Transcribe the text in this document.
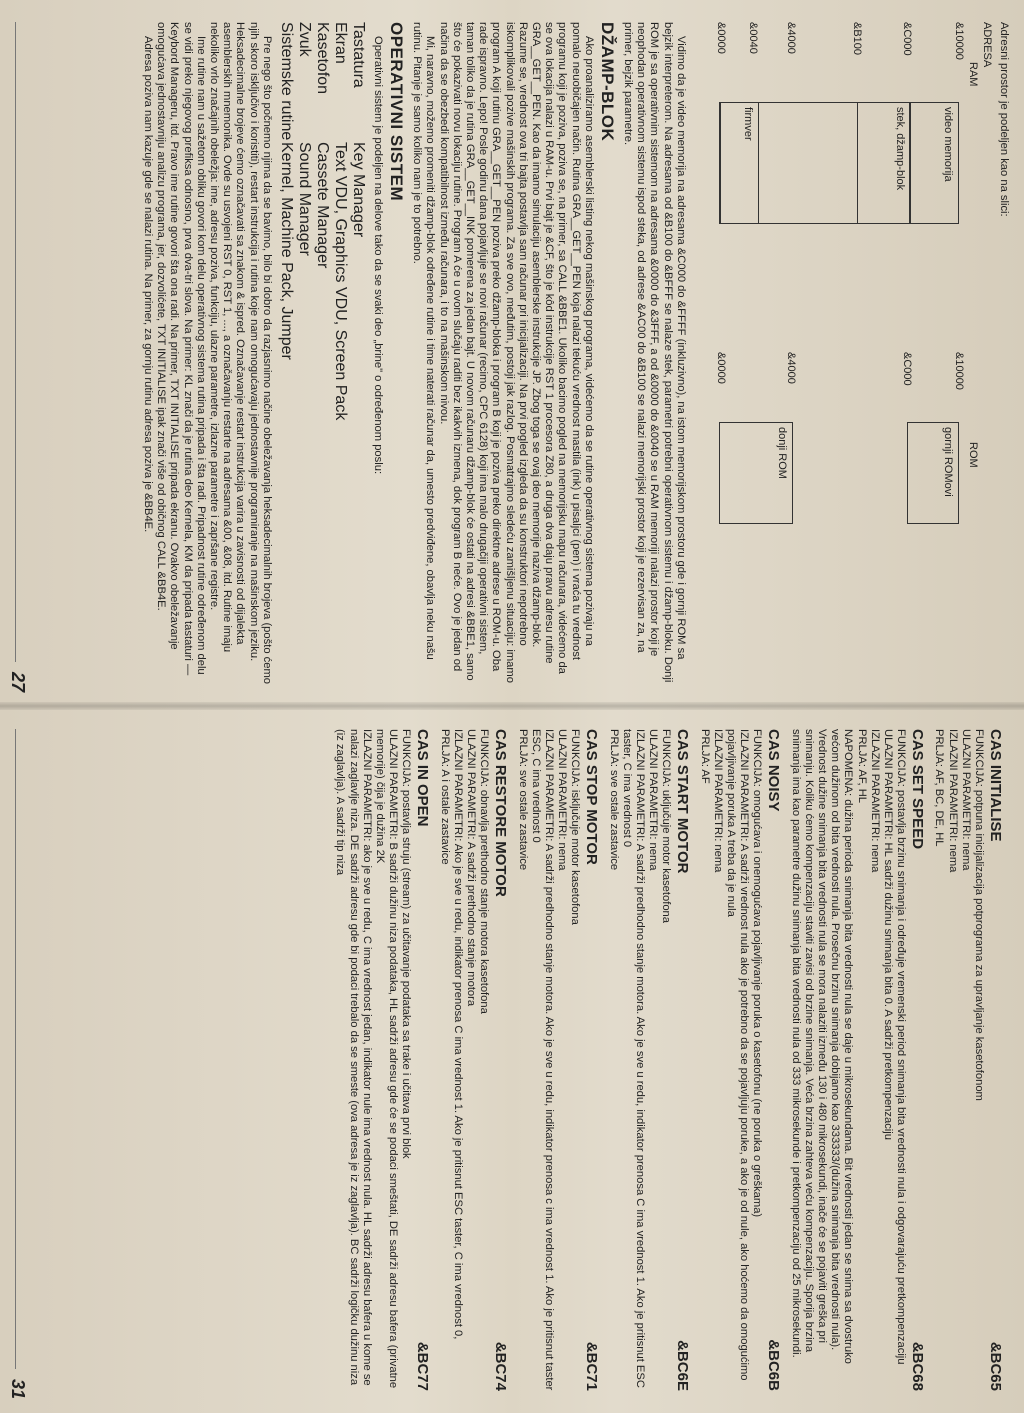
Adresni prostor je podeljen kao na slici:

ADRESA
RAM
ROM
&10000
&C000
&B100
&4000
&0040
&0000
video memorija
stek, džamp-blok
firmver
&10000
&C000
&4000
&0000
gornji ROMovi
donji ROM

Vidimo da je video memorija na adresama &C000 do &FFFF (inkluzivno), na istom memorijskom prostoru gde i gornji ROM sa bejzik interpreterom. Na adresama od &B100 do &BFFF se nalaze stek, parametri potrebni operativnom sistemu i džamp-bloku. Donji ROM je sa operativnim sistemom na adresama &0000 do &3FFF, a od &0000 do &0040 se u RAM memoriji nalazi prostor koji je neophodan operativnom sistemu ispod steka, od adrese &AC00 do &B100 se nalazi memorijski prostor koji je rezervisan za, na primer, bejzik parametre.

DŽAMP-BLOK

Ako proanaliziramo asemblerski listing nekog mašinskog programa, videćemo da se rutine operativnog sistema pozivaju na pomalo neuobičajen način. Rutina GRA__GET__PEN koja nalazi tekuću vrednost mastila (ink) u pisaljci (pen) i vraća tu vrednost programu koji je poziva, poziva se, na primer, sa CALL &BBE1. Ukoliko bacimo pogled na memorijsku mapu računara, videćemo da se ova lokacija nalazi u RAM-u. Prvi bajt je &CF, što je kôd instrukcije RST 1 procesora Z80, a druga dva daju pravu adresu rutine GRA__GET__PEN. Kao da imamo simulaciju asemblerske instrukcije JP. Zbog toga se ovaj deo memorije naziva džamp-blok. Razume se, vrednost ova tri bajta postavlja sam računar pri inicijalizaciji. Na prvi pogled izgleda da su konstruktori nepotrebno iskomplikovali pozive mašinskih programa. Za sve ovo, međutim, postoji jak razlog. Posmatrajmo sledeću zamišljenu situaciju: imamo program A koji rutinu GRA__GET__PEN poziva preko džamp-bloka i program B koji je poziva preko direktne adrese u ROM-u. Oba rade ispravno. Lepo! Posle godinu dana pojavljuje se novi računar (recimo, CPC 6128) koji ima malo drugačiji operativni sistem, taman toliko da je rutina GRA__GET__INK pomerena za jedan bajt. U novom računaru džamp-blok će ostati na adresi &BBE1, samo što će pokazivati novu lokaciju rutine. Program A će u ovom slučaju raditi bez ikakvih izmena, dok program B neće. Ovo je jedan od načina da se obezbedi kompatibilnost između računara, i to na mašinskom nivou.

Mi, naravno, možemo promeniti džamp-blok određene rutine i time naterati računar da, umesto predviđene, obavlja neku našu rutinu. Pitanje je samo koliko nam je to potrebno.

OPERATIVNI SISTEM

Operativni sistem je podeljen na delove tako da se svaki deo „brine" o određenom poslu:

Tastatura
Key Manager
Ekran
Text VDU, Graphics VDU, Screen Pack
Kasetofon
Cassete Manager
Zvuk
Sound Manager
Sistemske rutine
Kernel, Machine Pack, Jumper

Pre nego što počnemo njima da se bavimo, bilo bi dobro da razjasnimo načine obeležavanja heksadecimalnih brojeva (pošto ćemo njih skoro isključivo i koristiti), restart instrukcija i rutina koje nam omogućavaju jednostavnije programiranje na mašinskom jeziku. Heksadecimalne brojeve ćemo označavati sa znakom & ispred. Označavanje restart instrukcija varira u zavisnosti od dijalekta asemblerskih mnemonika. Ovde su usvojeni RST 0, RST 1, ..., a označavanju restarte na adresama &00, &08, itd. Rutine imaju nekoliko vrlo značajnih obeležja: ime, adresu poziva, funkciju, ulazne parametre, izlazne parametre i zapršane registre.

Ime rutine nam u sažetom obliku govori kom delu operativnog sistema rutina pripada i šta radi. Pripadnost rutine određenom delu se vidi preko njegovog prefiksa odnosno, prva dva-tri slova. Na primer: KL znači da je rutina deo Kernela, KM da pripada tastaturi — Keybord Manageru, itd. Pravo ime rutine govori šta ona radi. Na primer, TXT INITIALISE pripada ekranu. Ovakvo obeležavanje omogućava jednostavniju analizu programa, jer, dozvolićete, TXT INITIALISE ipak znači više od običnog CALL &BB4E.

Adresa poziva nam kazuje gde se nalazi rutina. Na primer, za gornju rutinu adresa poziva je &BB4E.

27
CAS INITIALISE
&BC65

FUNKCIJA: potpuna inicijalizacija potprograma za upravljanje kasetofonom

ULAZNI PARAMETRI: nema

IZLAZNI PARAMETRI: nema

PRLJA: AF, BC, DE, HL

CAS SET SPEED
&BC68

FUNKCIJA: postavlja brzinu snimanja i određuje vremenski period snimanja bita vrednosti nula i odgovarajuću pretkompenzaciju

ULAZNI PARAMETRI: HL sadrži dužinu snimanja bita 0. A sadrži pretkompenzaciju

IZLAZNI PARAMETRI: nema

PRLJA: AF, HL

NAPOMENA: dužina perioda snimanja bita vrednosti nula se daje u mikrosekundama. Bit vrednosti jedan se snima sa dvostruko većom dužinom od bita vrednosti nula. Prosečnu brzinu snimanja dobijamo kao 333333/(dužina snimanja bita vrednosti nula). Vrednost dužine snimanja bita vrednosti nula se mora nalaziti između 130 i 480 mikrosekundi, inače će se pojaviti greška pri snimanju. Koliku ćemo kompenzaciju staviti zavisi od brzine snimanja. Veća brzina zahteva veću kompenzaciju. Sporija brzina snimanja ima kao parametre dužinu snimanja bita vrednosti nula od 333 mikrosekunde i pretkompenzaciju od 25 mikrosekundi.

CAS NOISY
&BC6B

FUNKCIJA: omogućava i onemogućava pojavljivanje poruka o kasetofonu (ne poruka o greškama)

IZLAZNI PARAMETRI: A sadrži vrednost nula ako je potrebno da se pojavljuju poruke, a ako je od nule, ako hoćemo da omogućimo pojavljivanje poruka A treba da je nula

IZLAZNI PARAMETRI: nema

PRLJA: AF

CAS START MOTOR
&BC6E

FUNKCIJA: uključuje motor kasetofona

ULAZNI PARAMETRI: nema

IZLAZNI PARAMETRI: A sadrži predhodno stanje motora. Ako je sve u redu, indikator prenosa C ima vrednost 1. Ako je pritisnut ESC taster, C ima vrednost 0

PRLJA: sve ostale zastavice

CAS STOP MOTOR
&BC71

FUNKCIJA: isključuje motor kasetofona

ULAZNI PARAMETRI: nema

IZLAZNI PARAMETRI: A sadrži predhodno stanje motora. Ako je sve u redu, indikator prenosa c ima vrednost 1. Ako je pritisnut taster ESC, C ima vrednost 0

PRLJA: sve ostale zastavice

CAS RESTORE MOTOR
&BC74

FUNKCIJA: obnavlja prethodno stanje motora kasetofona

ULAZNI PARAMETRI: A sadrži prethodno stanje motora

IZLAZNI PARAMETRI: Ako je sve u redu, indikator prenosa C ima vrednost 1. Ako je pritisnut ESC taster, C ima vrednost 0,

PRLJA: A i ostale zastavice

CAS IN OPEN
&BC77

FUNKCIJA: postavlja struju (stream) za učitavanje podataka sa trake i učitava prvi blok

ULAZNI PARAMETRI: B sadrži dužinu niza podataka, HL sadrži adresu gde će se podaci smeštati, DE sadrži adresu bafera (privatne memorije) čija je dužina 2K

IZLAZNI PARAMETRI: ako je sve u redu, C ima vrednost jedan, indikator nule ima vrednost nula. HL sadrži adresu bafera u kome se nalazi zaglavlje niza. DE sadrži adresu gde bi podaci trebalo da se smeste (ova adresa je iz zaglavlja). BC sadrži logičku dužinu niza (iz zaglavlja). A sadrži tip niza

31
